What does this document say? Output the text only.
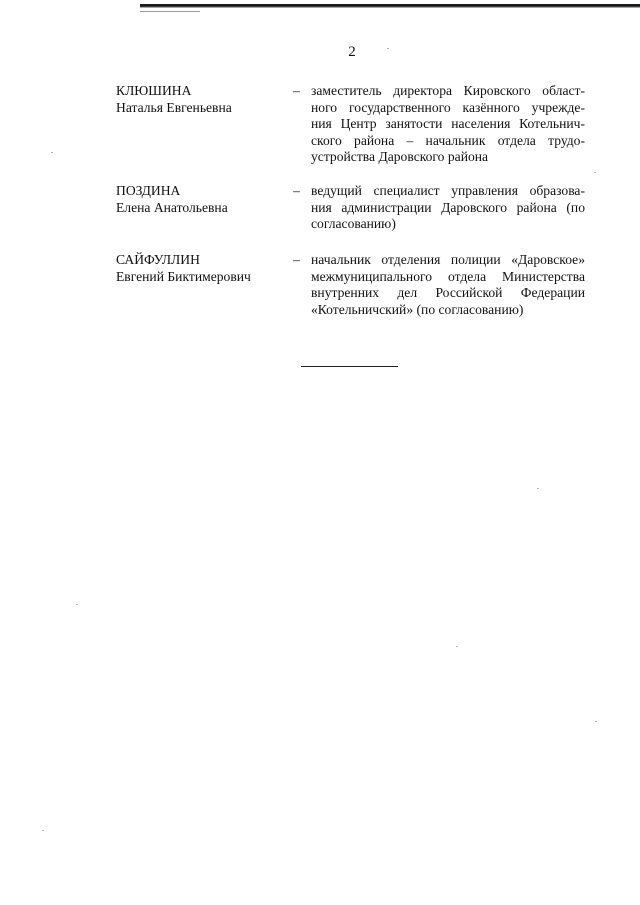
2
КЛЮШИНА
Наталья Евгеньевна
– заместитель директора Кировского област-
ного государственного казённого учрежде-
ния Центр занятости населения Котельнич-
ского района – начальник отдела трудо-
устройства Даровского района
ПОЗДИНА
Елена Анатольевна
– ведущий специалист управления образова-
ния администрации Даровского района (по
согласованию)
САЙФУЛЛИН
Евгений Биктимерович
– начальник отделения полиции «Даровское»
межмуниципального отдела Министерства
внутренних дел Российской Федерации
«Котельничский» (по согласованию)
